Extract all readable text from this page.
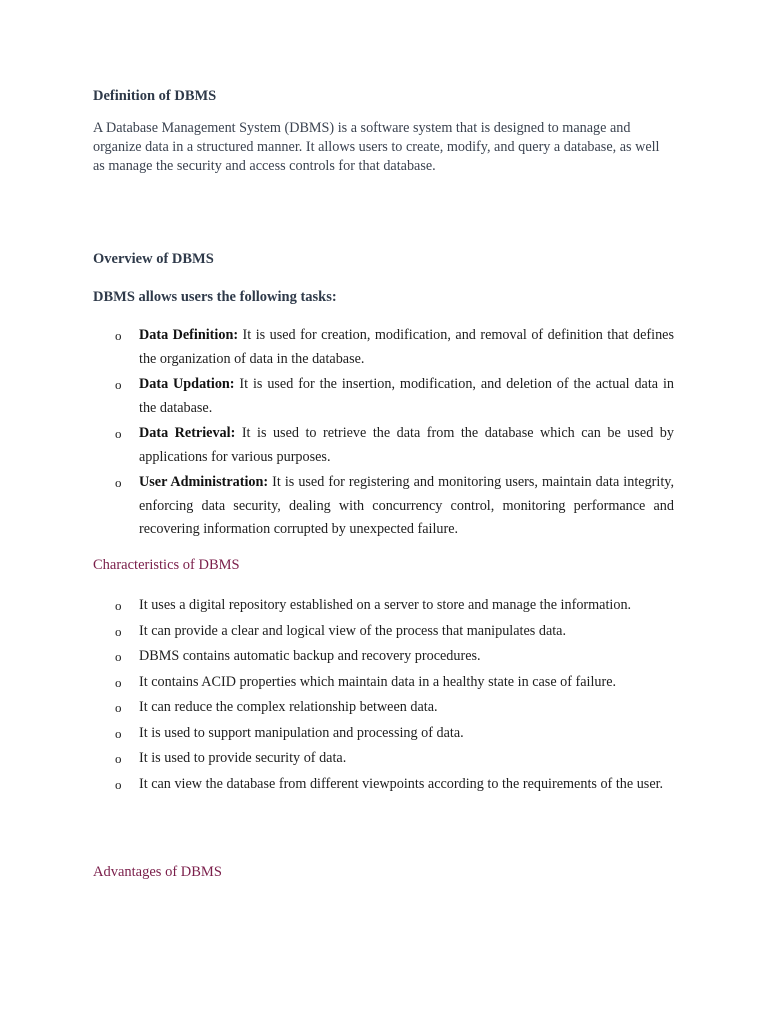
Definition of DBMS
A Database Management System (DBMS) is a software system that is designed to manage and organize data in a structured manner. It allows users to create, modify, and query a database, as well as manage the security and access controls for that database.
Overview of DBMS
DBMS allows users the following tasks:
o Data Definition: It is used for creation, modification, and removal of definition that defines the organization of data in the database.
o Data Updation: It is used for the insertion, modification, and deletion of the actual data in the database.
o Data Retrieval: It is used to retrieve the data from the database which can be used by applications for various purposes.
o User Administration: It is used for registering and monitoring users, maintain data integrity, enforcing data security, dealing with concurrency control, monitoring performance and recovering information corrupted by unexpected failure.
Characteristics of DBMS
o It uses a digital repository established on a server to store and manage the information.
o It can provide a clear and logical view of the process that manipulates data.
o DBMS contains automatic backup and recovery procedures.
o It contains ACID properties which maintain data in a healthy state in case of failure.
o It can reduce the complex relationship between data.
o It is used to support manipulation and processing of data.
o It is used to provide security of data.
o It can view the database from different viewpoints according to the requirements of the user.
Advantages of DBMS
